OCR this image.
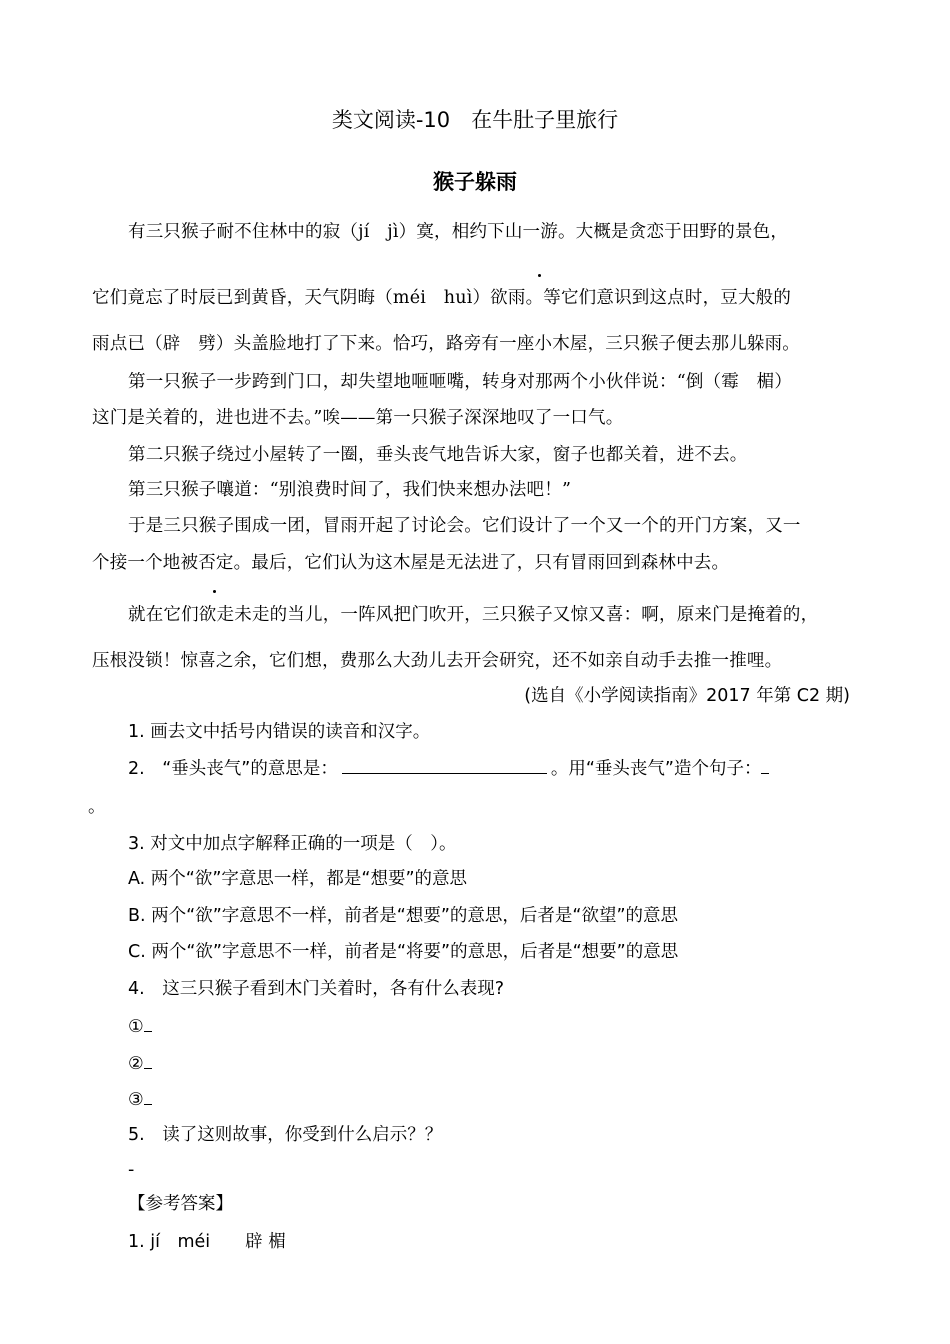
类文阅读-10　在牛肚子里旅行
猴子躲雨
有三只猴子耐不住林中的寂（jí　jì）寞，相约下山一游。大概是贪恋于田野的景色，
它们竟忘了时辰已到黄昏，天气阴晦（méi　huì）欲雨。等它们意识到这点时，豆大般的
雨点已（辟　劈）头盖脸地打了下来。恰巧，路旁有一座小木屋，三只猴子便去那儿躲雨。
第一只猴子一步跨到门口，却失望地咂咂嘴，转身对那两个小伙伴说：“倒（霉　楣）
这门是关着的，进也进不去。”唉——第一只猴子深深地叹了一口气。
第二只猴子绕过小屋转了一圈，垂头丧气地告诉大家，窗子也都关着，进不去。
第三只猴子嚷道：“别浪费时间了，我们快来想办法吧！”
于是三只猴子围成一团，冒雨开起了讨论会。它们设计了一个又一个的开门方案，又一
个接一个地被否定。最后，它们认为这木屋是无法进了，只有冒雨回到森林中去。
就在它们欲走未走的当儿，一阵风把门吹开，三只猴子又惊又喜：啊，原来门是掩着的，
压根没锁！惊喜之余，它们想，费那么大劲儿去开会研究，还不如亲自动手去推一推哩。
(选自《小学阅读指南》2017 年第 C2 期)
1. 画去文中括号内错误的读音和汉字。
2.　“垂头丧气”的意思是：	。用“垂头丧气”造个句子：
。
3. 对文中加点字解释正确的一项是（　）。
A. 两个“欲”字意思一样，都是“想要”的意思
B. 两个“欲”字意思不一样，前者是“想要”的意思，后者是“欲望”的意思
C. 两个“欲”字意思不一样，前者是“将要”的意思，后者是“想要”的意思
4.　这三只猴子看到木门关着时，各有什么表现?
①
②
③
5.　读了这则故事，你受到什么启示？？
-
【参考答案】
1. jí　méi　　辟 楣
